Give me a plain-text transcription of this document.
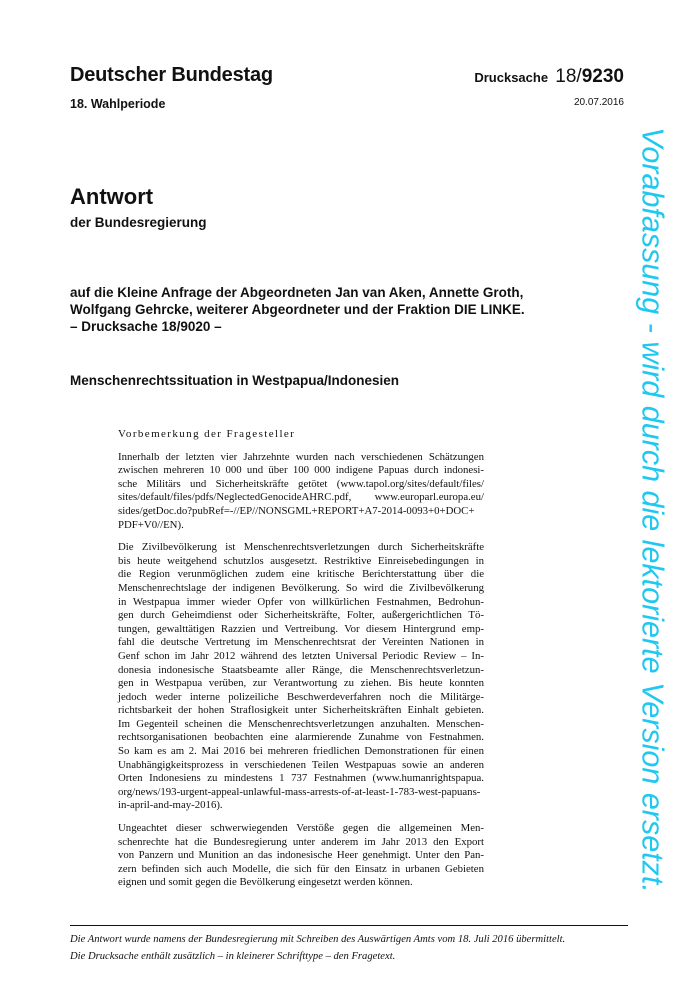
Deutscher Bundestag
18. Wahlperiode
Drucksache 18/9230
20.07.2016
Antwort
der Bundesregierung
auf die Kleine Anfrage der Abgeordneten Jan van Aken, Annette Groth,
Wolfgang Gehrcke, weiterer Abgeordneter und der Fraktion DIE LINKE.
– Drucksache 18/9020 –
Menschenrechtssituation in Westpapua/Indonesien
Vorbemerkung der Fragesteller
Innerhalb der letzten vier Jahrzehnte wurden nach verschiedenen Schätzungen
zwischen mehreren 10 000 und über 100 000 indigene Papuas durch indonesi-
sche Militärs und Sicherheitskräfte getötet (www.tapol.org/sites/default/files/
sites/default/files/pdfs/NeglectedGenocideAHRC.pdf, www.europarl.europa.eu/
sides/getDoc.do?pubRef=-//EP//NONSGML+REPORT+A7-2014-0093+0+DOC+
PDF+V0//EN).
Die Zivilbevölkerung ist Menschenrechtsverletzungen durch Sicherheitskräfte
bis heute weitgehend schutzlos ausgesetzt. Restriktive Einreisebedingungen in
die Region verunmöglichen zudem eine kritische Berichterstattung über die
Menschenrechtslage der indigenen Bevölkerung. So wird die Zivilbevölkerung
in Westpapua immer wieder Opfer von willkürlichen Festnahmen, Bedrohun-
gen durch Geheimdienst oder Sicherheitskräfte, Folter, außergerichtlichen Tö-
tungen, gewalttätigen Razzien und Vertreibung. Vor diesem Hintergrund emp-
fahl die deutsche Vertretung im Menschenrechtsrat der Vereinten Nationen in
Genf schon im Jahr 2012 während des letzten Universal Periodic Review – In-
donesia indonesische Staatsbeamte aller Ränge, die Menschenrechtsverletzun-
gen in Westpapua verüben, zur Verantwortung zu ziehen. Bis heute konnten
jedoch weder interne polizeiliche Beschwerdeverfahren noch die Militärge-
richtsbarkeit der hohen Straflosigkeit unter Sicherheitskräften Einhalt gebieten.
Im Gegenteil scheinen die Menschenrechtsverletzungen anzuhalten. Menschen-
rechtsorganisationen beobachten eine alarmierende Zunahme von Festnahmen.
So kam es am 2. Mai 2016 bei mehreren friedlichen Demonstrationen für einen
Unabhängigkeitsprozess in verschiedenen Teilen Westpapuas sowie an anderen
Orten Indonesiens zu mindestens 1 737 Festnahmen (www.humanrightspapua.
org/news/193-urgent-appeal-unlawful-mass-arrests-of-at-least-1-783-west-papuans-
in-april-and-may-2016).
Ungeachtet dieser schwerwiegenden Verstöße gegen die allgemeinen Men-
schenrechte hat die Bundesregierung unter anderem im Jahr 2013 den Export
von Panzern und Munition an das indonesische Heer genehmigt. Unter den Pan-
zern befinden sich auch Modelle, die sich für den Einsatz in urbanen Gebieten
eignen und somit gegen die Bevölkerung eingesetzt werden können.	Vorabfassung - wird durch die lektorierte Version ersetzt.
Die Antwort wurde namens der Bundesregierung mit Schreiben des Auswärtigen Amts vom 18. Juli 2016 übermittelt.
Die Drucksache enthält zusätzlich – in kleinerer Schrifttype – den Fragetext.
